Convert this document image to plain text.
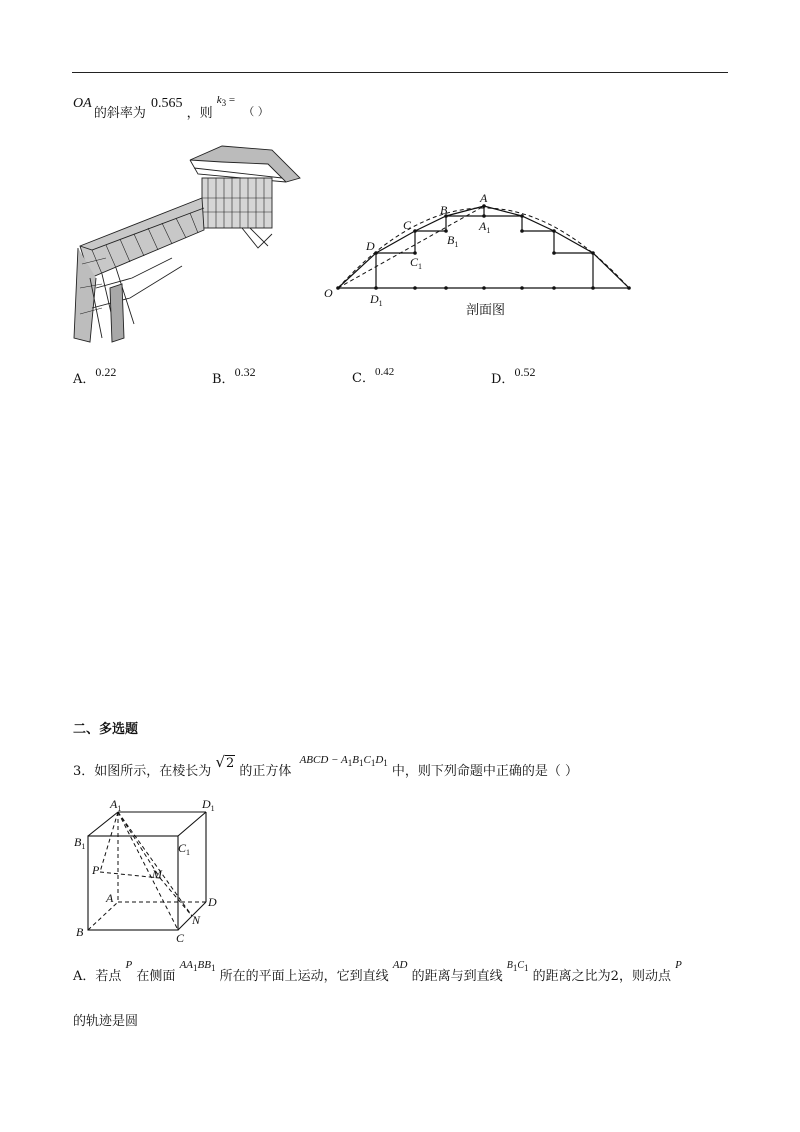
OA 的斜率为 0.565 ，则 $^{k_3 =}$ $_{( )}$
A
$A_1$
B
$B_1$
C
$C_1$
D
$D_1$
O
剖面图
A．0.22	B．0.32	C．$^{0.42}$	D．0.52
二、多选题
3．如图所示，在棱长为 √2 的正方体 ABCD − $A_1B_1C_1D_1$ 中，则下列命题中正确的是（ ）
$A_1$	$D_1$
$B_1$	$C_1$
P	M
A	D
B	C
N
A．若点 P 在侧面 $AA_1BB_1$ 所在的平面上运动，它到直线 AD 的距离与到直线 $B_1C_1$ 的距离之比为2，则动点 P
的轨迹是圆
